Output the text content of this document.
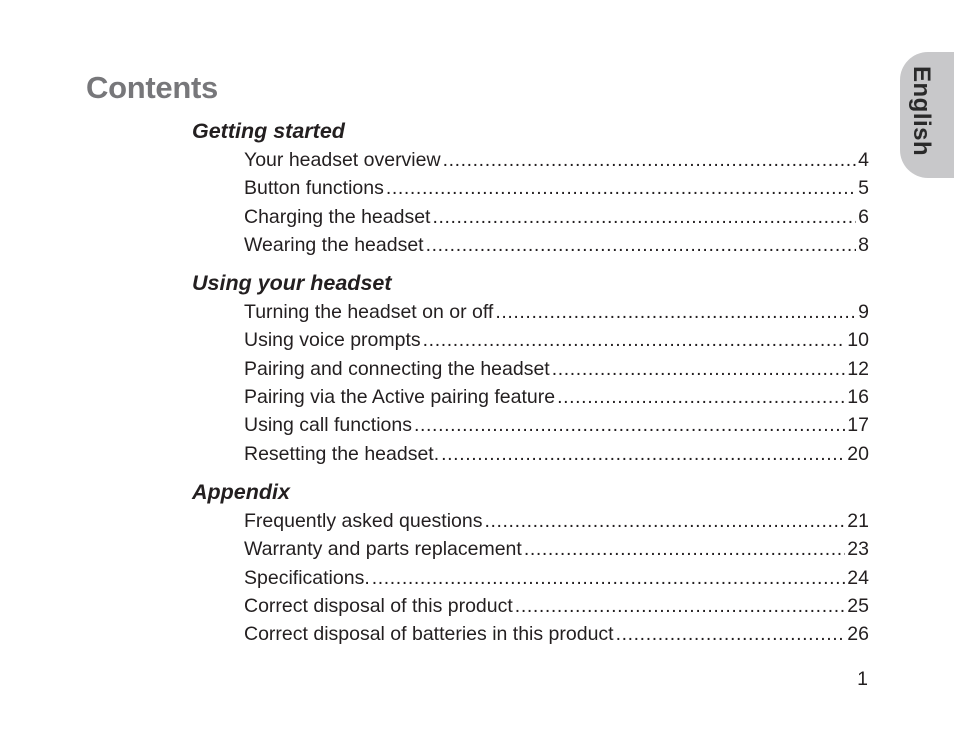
Contents	English
Getting started
Your headset overview .....	4
Button functions .....	5
Charging the headset .....	6
Wearing the headset .....	8
Using your headset
Turning the headset on or off .....	9
Using voice prompts .....	10
Pairing and connecting the headset .....	12
Pairing via the Active pairing feature .....	16
Using call functions .....	17
Resetting the headset. .....	20
Appendix
Frequently asked questions .....	21
Warranty and parts replacement .....	23
Specifications. .....	24
Correct disposal of this product .....	25
Correct disposal of batteries in this product .....	26
1
